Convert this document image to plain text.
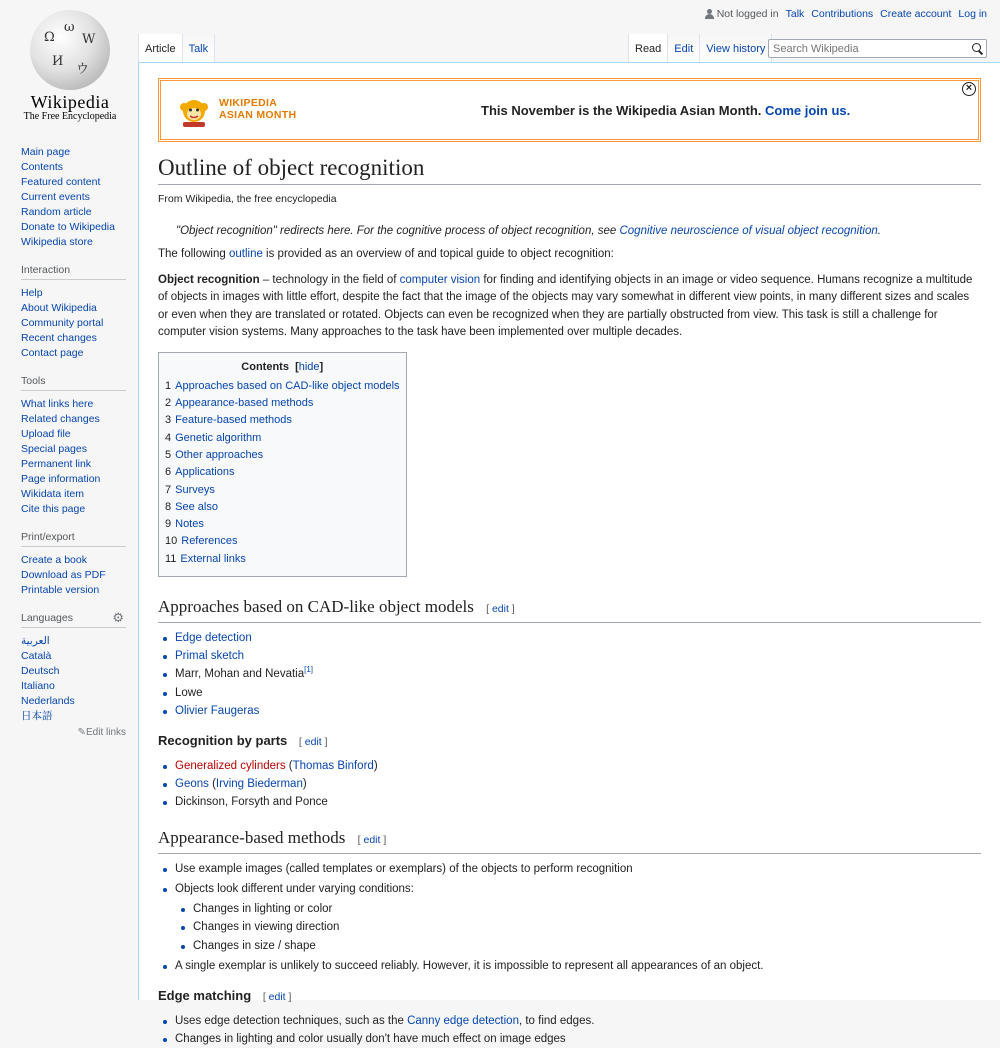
Ω
ω
W
И
ウ
Wikipedia
The Free Encyclopedia
Not logged in Talk Contributions Create account Log in
Article	Talk	Read	Edit	View history
Search Wikipedia
Main page
Contents
Featured content
Current events
Random article
Donate to Wikipedia
Wikipedia store
Interaction
Help
About Wikipedia
Community portal
Recent changes
Contact page
Tools
What links here
Related changes
Upload file
Special pages
Permanent link
Page information
Wikidata item
Cite this page
Print/export
Create a book
Download as PDF
Printable version
Languages	⚙
العربية
Català
Deutsch
Italiano
Nederlands
日本語
✎Edit links
WIKIPEDIA
ASIAN MONTH	This November is the Wikipedia Asian Month. Come join us.
×
Outline of object recognition
From Wikipedia, the free encyclopedia
"Object recognition" redirects here. For the cognitive process of object recognition, see Cognitive neuroscience of visual object recognition.

The following outline is provided as an overview of and topical guide to object recognition:

Object recognition – technology in the field of computer vision for finding and identifying objects in an image or video sequence. Humans recognize a multitude of objects in images with little effort, despite the fact that the image of the objects may vary somewhat in different view points, in many different sizes and scales or even when they are translated or rotated. Objects can even be recognized when they are partially obstructed from view. This task is still a challenge for computer vision systems. Many approaches to the task have been implemented over multiple decades.

Contents  [hide]
1 Approaches based on CAD-like object models
2 Appearance-based methods
3 Feature-based methods
4 Genetic algorithm
5 Other approaches
6 Applications
7 Surveys
8 See also
9 Notes
10 References
11 External links
Approaches based on CAD-like object models [ edit ]
Edge detection
Primal sketch
Marr, Mohan and Nevatia[1]
Lowe
Olivier Faugeras
Recognition by parts [ edit ]
Generalized cylinders (Thomas Binford)
Geons (Irving Biederman)
Dickinson, Forsyth and Ponce
Appearance-based methods [ edit ]
Use example images (called templates or exemplars) of the objects to perform recognition
Objects look different under varying conditions:
Changes in lighting or color
Changes in viewing direction
Changes in size / shape
A single exemplar is unlikely to succeed reliably. However, it is impossible to represent all appearances of an object.
Edge matching [ edit ]
Uses edge detection techniques, such as the Canny edge detection, to find edges.
Changes in lighting and color usually don't have much effect on image edges
